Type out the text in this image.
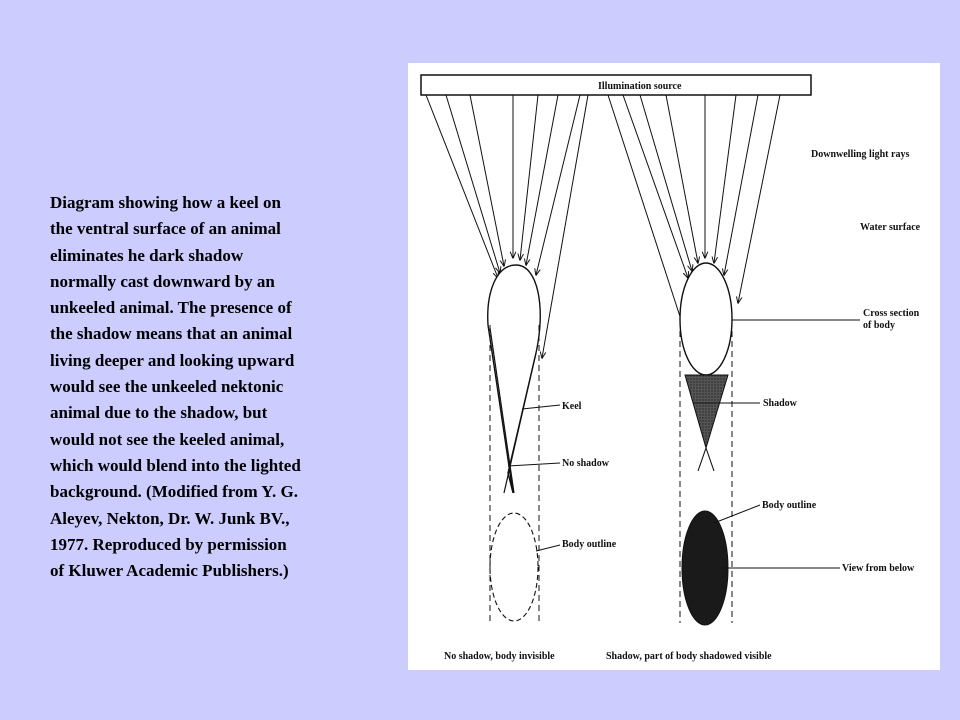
Diagram showing how a keel on
the ventral surface of an animal
eliminates he dark shadow
normally cast downward by an
unkeeled animal. The presence of
the shadow means that an animal
living deeper and looking upward
would see the unkeeled nektonic
animal due to the shadow, but
would not see the keeled animal,
which would blend into the lighted
background. (Modified from Y. G.
Aleyev, Nekton, Dr. W. Junk BV.,
1977. Reproduced by permission
of Kluwer Academic Publishers.)
Illumination source
Downwelling light rays
Water surface
Cross section
of body
Shadow
Keel
No shadow
Body outline
Body outline
View from below
No shadow, body invisible	Shadow, part of body shadowed visible
